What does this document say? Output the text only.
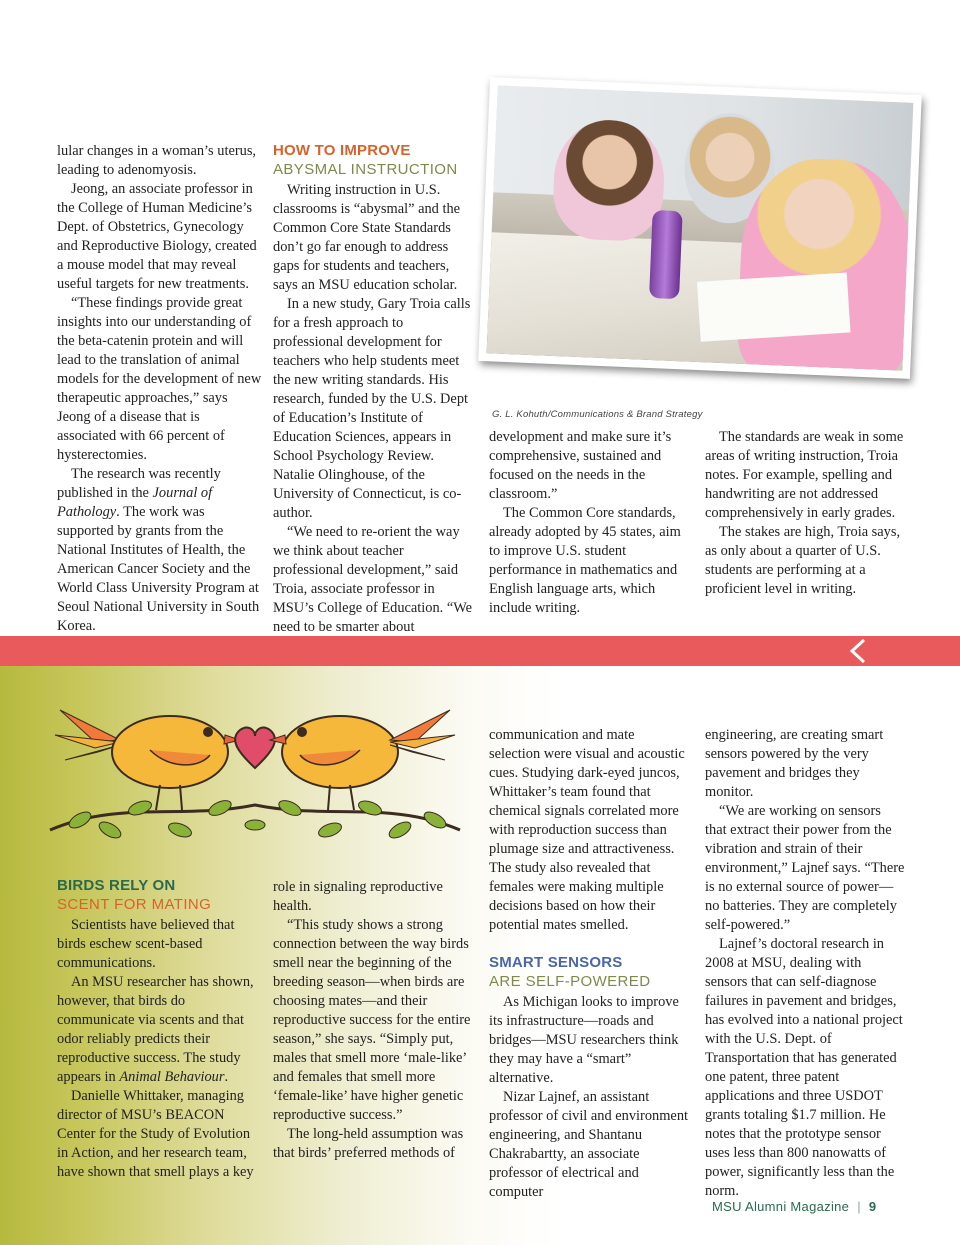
lular changes in a woman’s uterus, leading to adenomyosis.

Jeong, an associate professor in the College of Human Medicine’s Dept. of Obstetrics, Gynecology and Reproductive Biology, created a mouse model that may reveal useful targets for new treatments.

“These findings provide great insights into our understanding of the beta-catenin protein and will lead to the translation of animal models for the development of new therapeutic approaches,” says Jeong of a disease that is associated with 66 percent of hysterectomies.

The research was recently published in the Journal of Pathology. The work was supported by grants from the National Institutes of Health, the American Cancer Society and the World Class University Program at Seoul National University in South Korea.

HOW TO IMPROVE
ABYSMAL INSTRUCTION

Writing instruction in U.S. classrooms is “abysmal” and the Common Core State Standards don’t go far enough to address gaps for students and teachers, says an MSU education scholar.

In a new study, Gary Troia calls for a fresh approach to professional development for teachers who help students meet the new writing standards. His research, funded by the U.S. Dept of Education’s Institute of Education Sciences, appears in School Psychology Review. Natalie Olinghouse, of the University of Connecticut, is co-author.

“We need to re-orient the way we think about teacher professional development,” said Troia, associate professor in MSU’s College of Education. “We need to be smarter about

G. L. Kohuth/Communications & Brand Strategy

development and make sure it’s comprehensive, sustained and focused on the needs in the classroom.”

The Common Core standards, already adopted by 45 states, aim to improve U.S. student performance in mathematics and English language arts, which include writing.

The standards are weak in some areas of writing instruction, Troia notes. For example, spelling and handwriting are not addressed comprehensively in early grades.

The stakes are high, Troia says, as only about a quarter of U.S. students are performing at a proficient level in writing.

BIRDS RELY ON
SCENT FOR MATING

Scientists have believed that birds eschew scent-based communications.

An MSU researcher has shown, however, that birds do communicate via scents and that odor reliably predicts their reproductive success. The study appears in Animal Behaviour.

Danielle Whittaker, managing director of MSU’s BEACON Center for the Study of Evolution in Action, and her research team, have shown that smell plays a key

role in signaling reproductive health.

“This study shows a strong connection between the way birds smell near the beginning of the breeding season—when birds are choosing mates—and their reproductive success for the entire season,” she says. “Simply put, males that smell more ‘male-like’ and females that smell more ‘female-like’ have higher genetic reproductive success.”

The long-held assumption was that birds’ preferred methods of

communication and mate selection were visual and acoustic cues. Studying dark-eyed juncos, Whittaker’s team found that chemical signals correlated more with reproduction success than plumage size and attractiveness. The study also revealed that females were making multiple decisions based on how their potential mates smelled.

SMART SENSORS
ARE SELF-POWERED

As Michigan looks to improve its infrastructure—roads and bridges—MSU researchers think they may have a “smart” alternative.

Nizar Lajnef, an assistant professor of civil and environment engineering, and Shantanu Chakrabartty, an associate professor of electrical and computer

engineering, are creating smart sensors powered by the very pavement and bridges they monitor.

“We are working on sensors that extract their power from the vibration and strain of their environment,” Lajnef says. “There is no external source of power—no batteries. They are completely self-powered.”

Lajnef’s doctoral research in 2008 at MSU, dealing with sensors that can self-diagnose failures in pavement and bridges, has evolved into a national project with the U.S. Dept. of Transportation that has generated one patent, three patent applications and three USDOT grants totaling $1.7 million. He notes that the prototype sensor uses less than 800 nanowatts of power, significantly less than the norm.

MSU Alumni Magazine | 9
